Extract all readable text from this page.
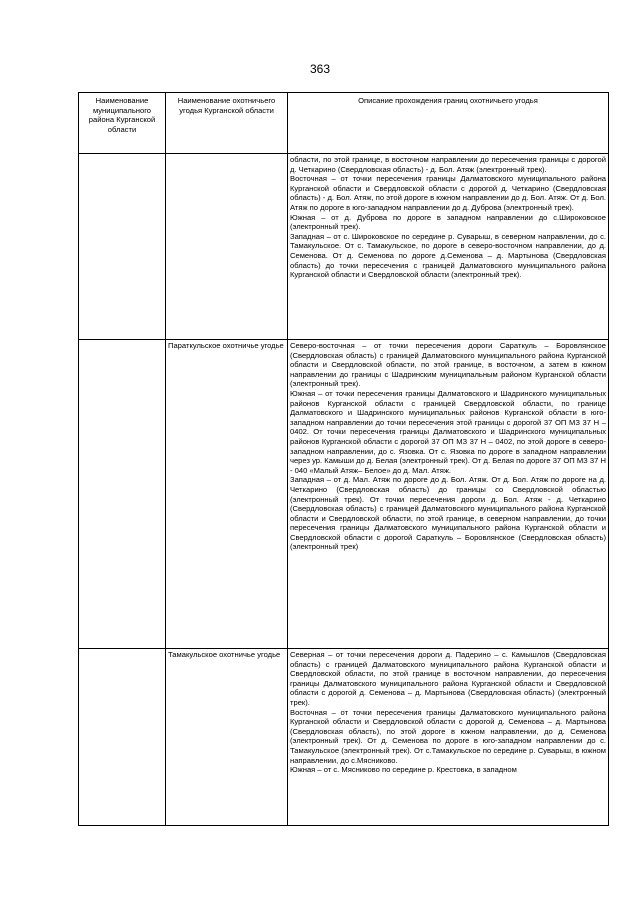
363
Наименование муниципального района Курганской области	Наименование охотничьего угодья Курганской области	Описание прохождения границ охотничьего угодья

		области, по этой границе, в восточном направлении до пересечения границы с дорогой д. Четкарино (Свердловская область) - д. Бол. Атяж (электронный трек).

Восточная – от точки пересечения границы Далматовского муниципального района Курганской области и Свердловской области с дорогой д. Четкарино (Свердловская область) - д. Бол. Атяж, по этой дороге в южном направлении до д. Бол. Атяж. От д. Бол. Атяж по дороге в юго-западном направлении до д. Дуброва (электронный трек).

Южная – от д. Дуброва по дороге в западном направлении до с.Широковское (электронный трек).

Западная – от с. Широковское по середине р. Суварыш, в северном направлении, до с. Тамакульское. От с. Тамакульское, по дороге в северо-восточном направлении, до д. Семенова. От д. Семенова по дороге д.Семенова – д. Мартынова (Свердловская область) до точки пересечения с границей Далматовского муниципального района Курганской области и Свердловской области (электронный трек).

	Параткульское охотничье угодье	Северо-восточная – от точки пересечения дороги Сараткуль – Боровлянское (Свердловская область) с границей Далматовского муниципального района Курганской области и Свердловской области, по этой границе, в восточном, а затем в южном направлении до границы с Шадринским муниципальным районом Курганской области (электронный трек).

Южная – от точки пересечения границы Далматовского и Шадринского муниципальных районов Курганской области с границей Свердловской области, по границе Далматовского и Шадринского муниципальных районов Курганской области в юго-западном направлении до точки пересечения этой границы с дорогой 37 ОП МЗ 37 Н – 0402. От точки пересечения границы Далматовского и Шадринского муниципальных районов Курганской области с дорогой 37 ОП МЗ 37 Н – 0402, по этой дороге в северо-западном направлении, до с. Язовка. От с. Язовка по дороге в западном направлении через ур. Камыши до д. Белая (электронный трек). От д. Белая по дороге 37 ОП МЗ 37 Н - 040 «Малый Атяж– Белое» до д. Мал. Атяж.

Западная – от д. Мал. Атяж по дороге до д. Бол. Атяж. От д. Бол. Атяж по дороге на д. Четкарино (Свердловская область) до границы со Свердловской областью (электронный трек). От точки пересечения дороги д. Бол. Атяж - д. Четкарино (Свердловская область) с границей Далматовского муниципального района Курганской области и Свердловской области, по этой границе, в северном направлении, до точки пересечения границы Далматовского муниципального района Курганской области и Свердловской области с дорогой Сараткуль – Боровлянское (Свердловская область) (электронный трек)

	Тамакульское охотничье угодье	Северная – от точки пересечения дороги д. Падерино – с. Камышлов (Свердловская область) с границей Далматовского муниципального района Курганской области и Свердловской области, по этой границе в восточном направлении, до пересечения границы Далматовского муниципального района Курганской области и Свердловской области с дорогой д. Семенова – д. Мартынова (Свердловская область) (электронный трек).

Восточная – от точки пересечения границы Далматовского муниципального района Курганской области и Свердловской области с дорогой д. Семенова – д. Мартынова (Свердловская область), по этой дороге в южном направлении, до д. Семенова (электронный трек). От д. Семенова по дороге в юго-западном направлении до с. Тамакульское (электронный трек). От с.Тамакульское по середине р. Суварыш, в южном направлении, до с.Мясниково.

Южная – от с. Мясниково по середине р. Крестовка, в западном
